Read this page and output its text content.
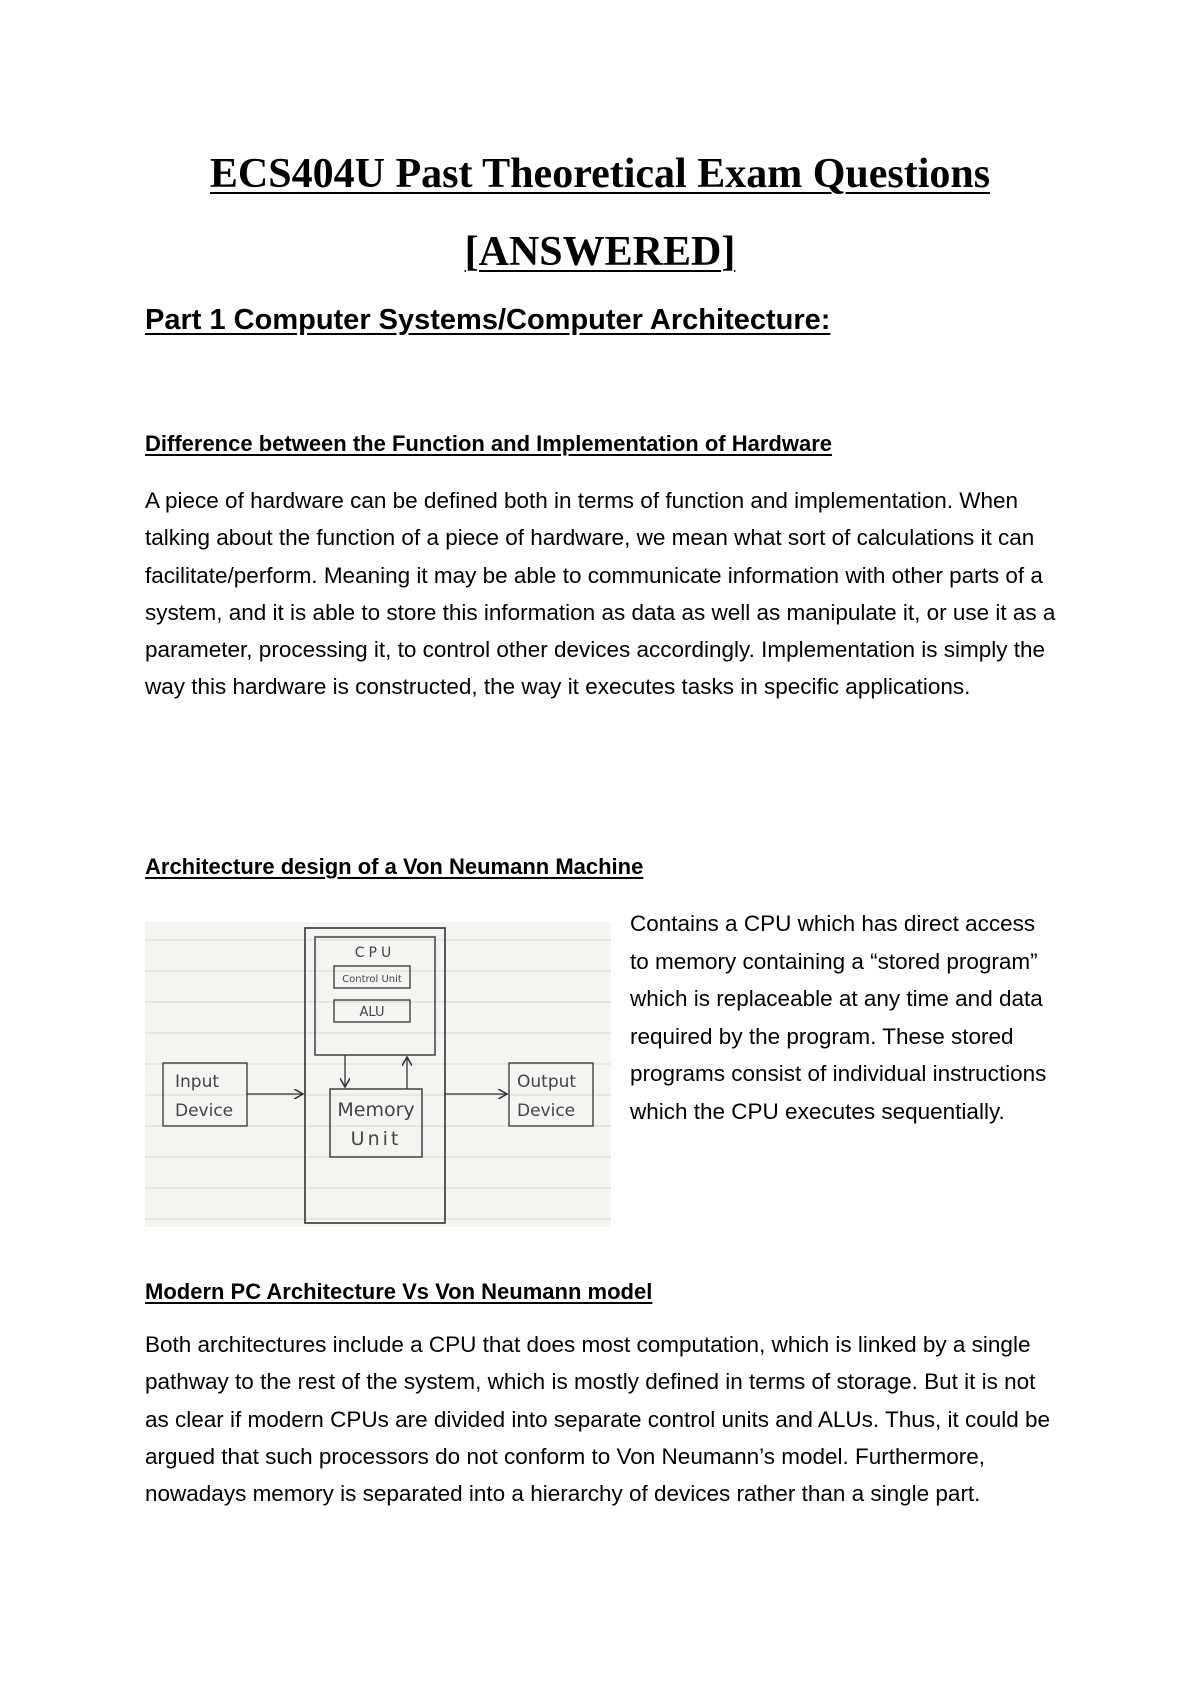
ECS404U Past Theoretical Exam Questions
[ANSWERED]
Part 1 Computer Systems/Computer Architecture:
Difference between the Function and Implementation of Hardware

A piece of hardware can be defined both in terms of function and implementation. When talking about the function of a piece of hardware, we mean what sort of calculations it can facilitate/perform. Meaning it may be able to communicate information with other parts of a system, and it is able to store this information as data as well as manipulate it, or use it as a parameter, processing it, to control other devices accordingly. Implementation is simply the way this hardware is constructed, the way it executes tasks in specific applications.

Architecture design of a Von Neumann Machine
CPU
Control Unit
ALU
Input
Device
Output
Device
Memory
Unit

Contains a CPU which has direct access to memory containing a “stored program” which is replaceable at any time and data required by the program. These stored programs consist of individual instructions which the CPU executes sequentially.

Modern PC Architecture Vs Von Neumann model

Both architectures include a CPU that does most computation, which is linked by a single pathway to the rest of the system, which is mostly defined in terms of storage. But it is not as clear if modern CPUs are divided into separate control units and ALUs. Thus, it could be argued that such processors do not conform to Von Neumann’s model. Furthermore, nowadays memory is separated into a hierarchy of devices rather than a single part.
